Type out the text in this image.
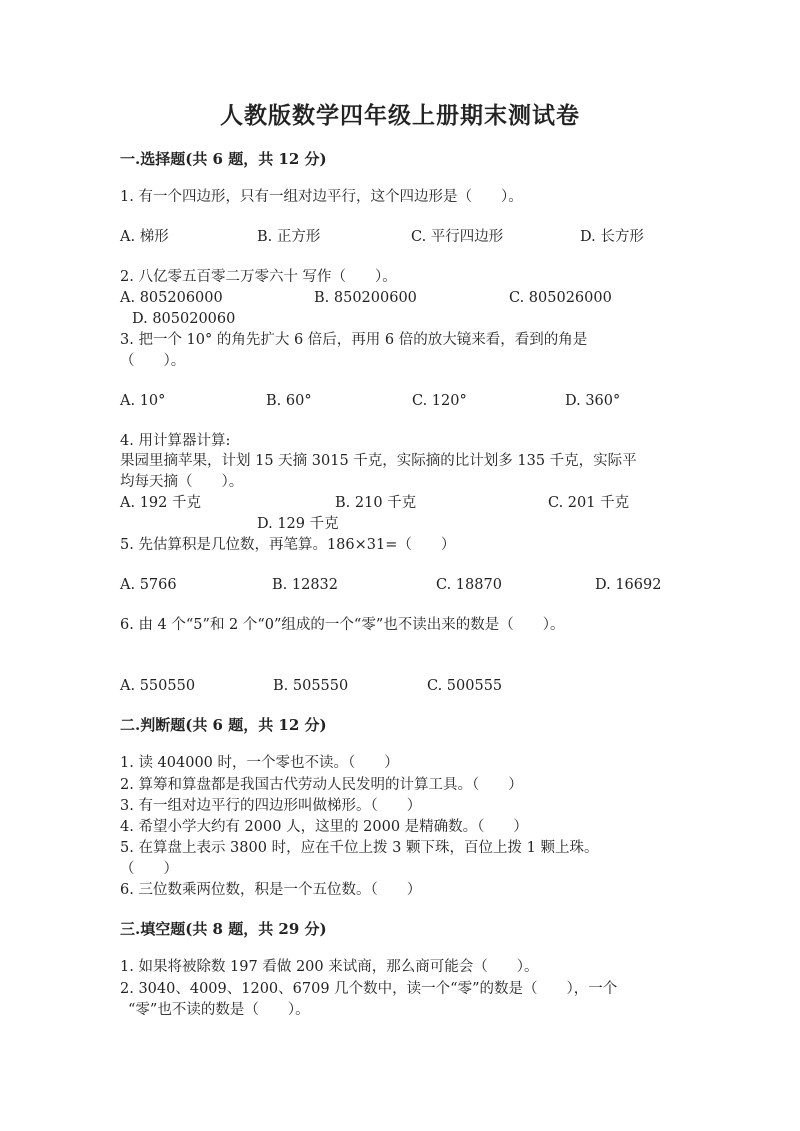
人教版数学四年级上册期末测试卷
一.选择题(共 6 题，共 12 分)
1. 有一个四边形，只有一组对边平行，这个四边形是（　　）。
A. 梯形	B. 正方形	C. 平行四边形	D. 长方形
2. 八亿零五百零二万零六十 写作（　　）。
A. 805206000	B. 850200600	C. 805026000
D. 805020060
3. 把一个 10° 的角先扩大 6 倍后，再用 6 倍的放大镜来看，看到的角是
（　　）。
A. 10°	B. 60°	C. 120°	D. 360°
4. 用计算器计算:
果园里摘苹果，计划 15 天摘 3015 千克，实际摘的比计划多 135 千克，实际平
均每天摘（　　）。
A. 192 千克	B. 210 千克	C. 201 千克
D. 129 千克
5. 先估算积是几位数，再笔算。186×31=（　　）
A. 5766	B. 12832	C. 18870	D. 16692
6. 由 4 个“5”和 2 个“0”组成的一个“零”也不读出来的数是（　　）。
A. 550550	B. 505550	C. 500555
二.判断题(共 6 题，共 12 分)
1. 读 404000 时，一个零也不读。（　　）
2. 算筹和算盘都是我国古代劳动人民发明的计算工具。（　　）
3. 有一组对边平行的四边形叫做梯形。（　　）
4. 希望小学大约有 2000 人，这里的 2000 是精确数。（　　）
5. 在算盘上表示 3800 时，应在千位上拨 3 颗下珠，百位上拨 1 颗上珠。
（　　）
6. 三位数乘两位数，积是一个五位数。（　　）
三.填空题(共 8 题，共 29 分)
1. 如果将被除数 197 看做 200 来试商，那么商可能会（　　）。
2. 3040、4009、1200、6709 几个数中，读一个“零”的数是（　　），一个
“零”也不读的数是（　　）。
